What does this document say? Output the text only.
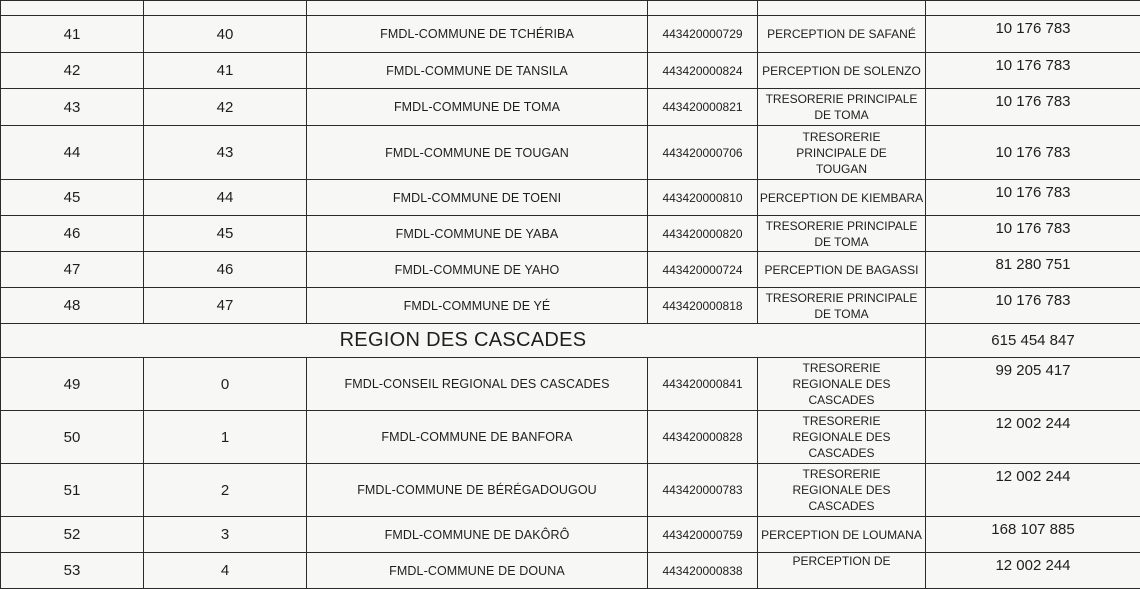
41	40	FMDL-COMMUNE DE TCHÉRIBA	443420000729	PERCEPTION DE SAFANÉ	10 176 783

42	41	FMDL-COMMUNE DE TANSILA	443420000824	PERCEPTION DE SOLENZO	10 176 783

43	42	FMDL-COMMUNE DE TOMA	443420000821	TRESORERIE PRINCIPALE DE TOMA	10 176 783

44	43	FMDL-COMMUNE DE TOUGAN	443420000706	TRESORERIE PRINCIPALE DE TOUGAN	10 176 783

45	44	FMDL-COMMUNE DE TOENI	443420000810	PERCEPTION DE KIEMBARA	10 176 783

46	45	FMDL-COMMUNE DE YABA	443420000820	TRESORERIE PRINCIPALE DE TOMA	10 176 783

47	46	FMDL-COMMUNE DE YAHO	443420000724	PERCEPTION DE BAGASSI	81 280 751

48	47	FMDL-COMMUNE DE YÉ	443420000818	TRESORERIE PRINCIPALE DE TOMA	10 176 783

REGION DES CASCADES					615 454 847
49	0	FMDL-CONSEIL REGIONAL DES CASCADES	443420000841	TRESORERIE REGIONALE DES CASCADES	99 205 417

50	1	FMDL-COMMUNE DE BANFORA	443420000828	TRESORERIE REGIONALE DES CASCADES	12 002 244

51	2	FMDL-COMMUNE DE BÉRÉGADOUGOU	443420000783	TRESORERIE REGIONALE DES CASCADES	12 002 244

52	3	FMDL-COMMUNE DE DAKÔRÔ	443420000759	PERCEPTION DE LOUMANA	168 107 885

53	4	FMDL-COMMUNE DE DOUNA	443420000838	PERCEPTION DE	12 002 244
